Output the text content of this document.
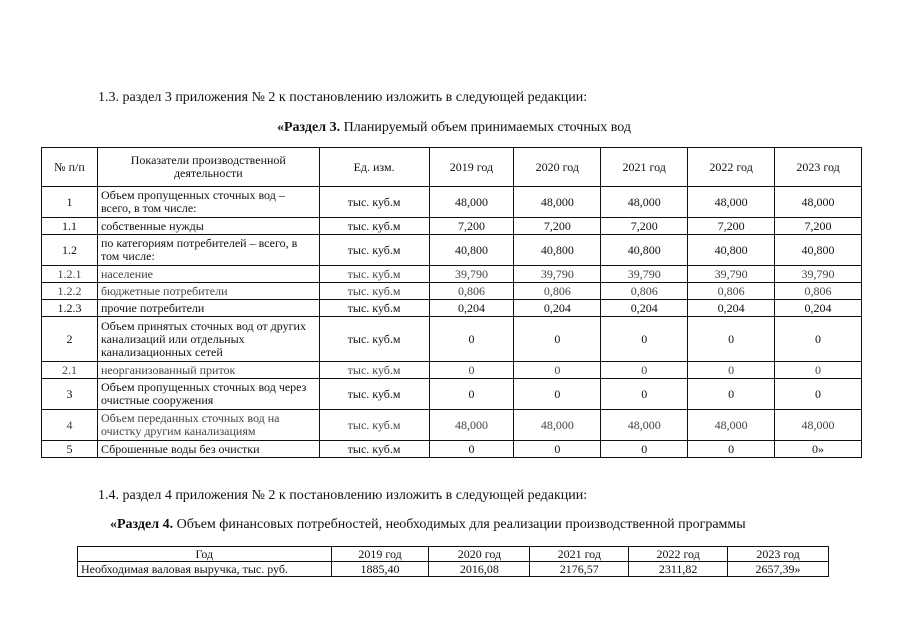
1.3. раздел 3 приложения № 2 к постановлению изложить в следующей редакции:
«Раздел 3. Планируемый объем принимаемых сточных вод
№ п/п	Показатели производственной деятельности	Ед. изм.	2019 год	2020 год	2021 год	2022 год	2023 год
1	Объем пропущенных сточных вод – всего, в том числе:	тыс. куб.м	48,000	48,000	48,000	48,000	48,000
1.1	собственные нужды	тыс. куб.м	7,200	7,200	7,200	7,200	7,200
1.2	по категориям потребителей – всего, в том числе:	тыс. куб.м	40,800	40,800	40,800	40,800	40,800
1.2.1	население	тыс. куб.м	39,790	39,790	39,790	39,790	39,790
1.2.2	бюджетные потребители	тыс. куб.м	0,806	0,806	0,806	0,806	0,806
1.2.3	прочие потребители	тыс. куб.м	0,204	0,204	0,204	0,204	0,204
2	Объем принятых сточных вод от других канализаций или отдельных канализационных сетей	тыс. куб.м	0	0	0	0	0
2.1	неорганизованный приток	тыс. куб.м	0	0	0	0	0
3	Объем пропущенных сточных вод через очистные сооружения	тыс. куб.м	0	0	0	0	0
4	Объем переданных сточных вод на очистку другим канализациям	тыс. куб.м	48,000	48,000	48,000	48,000	48,000
5	Сброшенные воды без очистки	тыс. куб.м	0	0	0	0	0»
1.4. раздел 4 приложения № 2 к постановлению изложить в следующей редакции:
«Раздел 4. Объем финансовых потребностей, необходимых для реализации производственной программы
Год	2019 год	2020 год	2021 год	2022 год	2023 год
Необходимая валовая выручка, тыс. руб.	1885,40	2016,08	2176,57	2311,82	2657,39»
